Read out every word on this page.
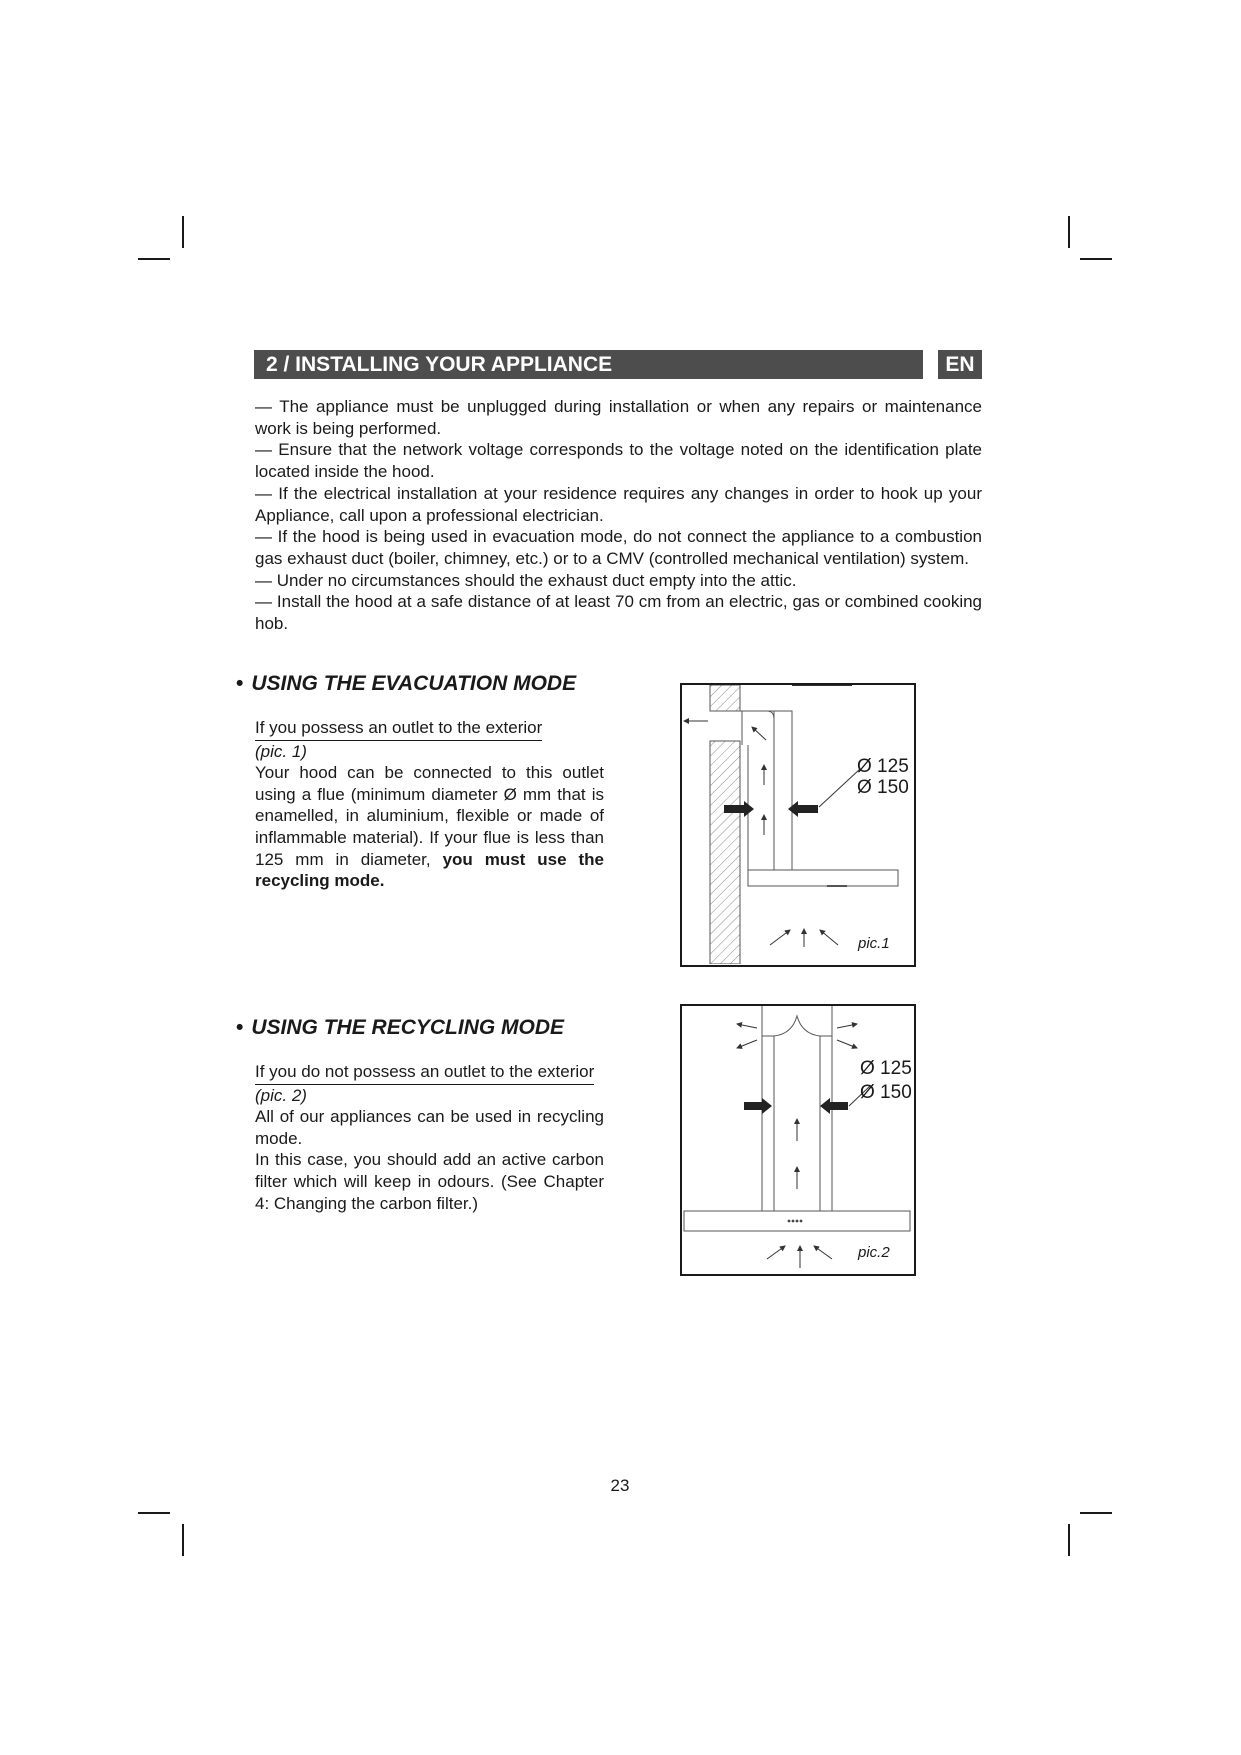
2 / INSTALLING YOUR APPLIANCE	EN

— The appliance must be unplugged during installation or when any repairs or maintenance work is being performed.

— Ensure that the network voltage corresponds to the voltage noted on the identification plate located inside the hood.

— If the electrical installation at your residence requires any changes in order to hook up your Appliance, call upon a professional electrician.

— If the hood is being used in evacuation mode, do not connect the appliance to a combustion gas exhaust duct (boiler, chimney, etc.) or to a CMV (controlled mechanical ventilation) system.

— Under no circumstances should the exhaust duct empty into the attic.

— Install the hood at a safe distance of at least 70 cm from an electric, gas or combined cooking hob.

• USING THE EVACUATION MODE
If you possess an outlet to the exterior
(pic. 1)

Your hood can be connected to this outlet using a flue (minimum diameter Ø mm that is enamelled, in aluminium, flexible or made of inflammable material). If your flue is less than 125 mm in diameter, you must use the recycling mode.

Ø 125
Ø 150
pic.1
• USING THE RECYCLING MODE
If you do not possess an outlet to the exterior
(pic. 2)

All of our appliances can be used in recycling mode.

In this case, you should add an active carbon filter which will keep in odours. (See Chapter 4: Changing the carbon filter.)

Ø 125
Ø 150
pic.2
23
